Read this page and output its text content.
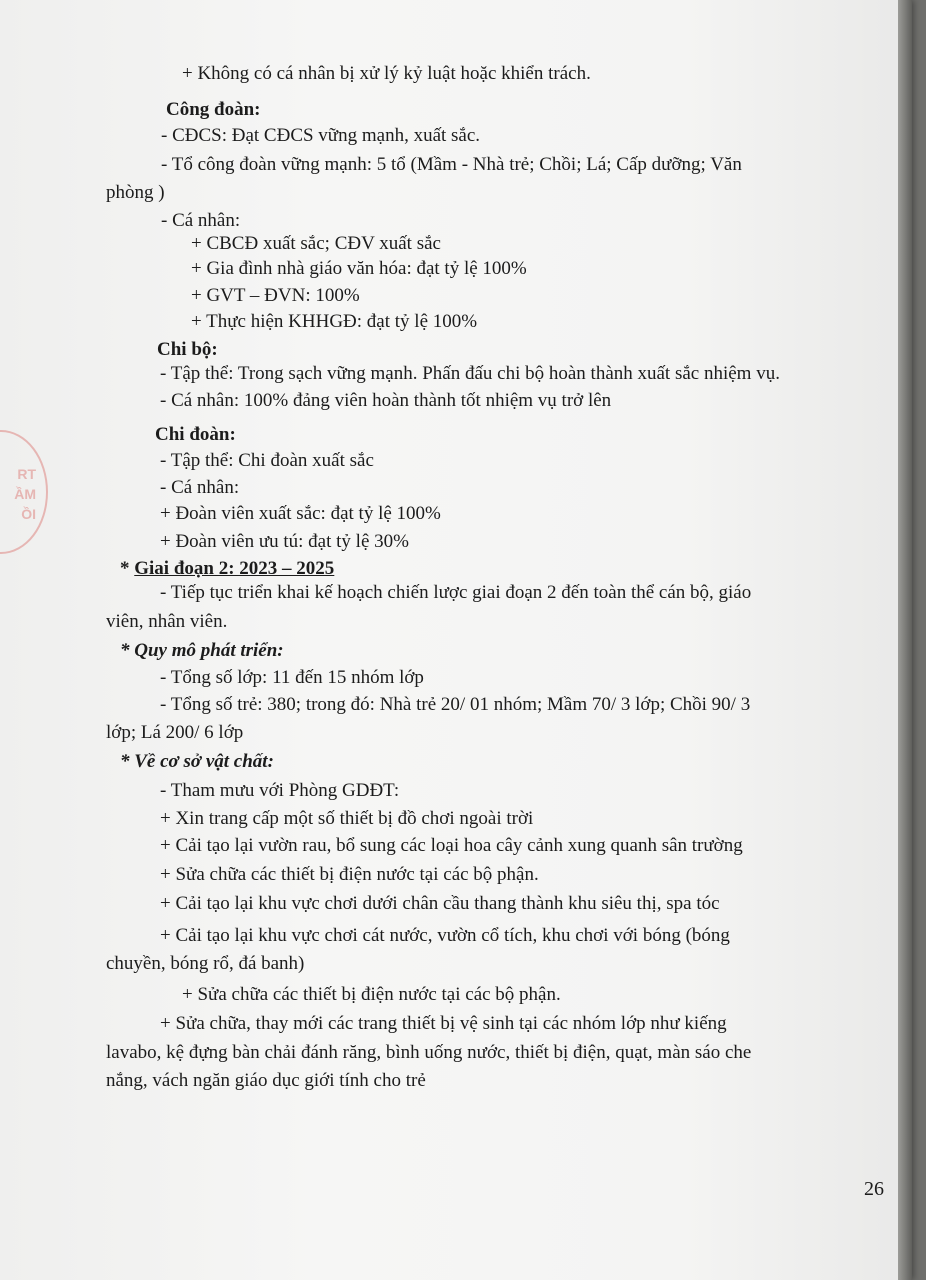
+ Không có cá nhân bị xử lý kỷ luật hoặc khiển trách.
Công đoàn:
- CĐCS: Đạt CĐCS vững mạnh, xuất sắc.
- Tổ công đoàn vững mạnh: 5 tổ (Mầm - Nhà trẻ; Chồi; Lá; Cấp dưỡng; Văn
phòng )
- Cá nhân:
+ CBCĐ xuất sắc; CĐV xuất sắc
+ Gia đình nhà giáo văn hóa: đạt tỷ lệ 100%
+ GVT – ĐVN: 100%
+ Thực hiện KHHGĐ: đạt tỷ lệ 100%
Chi bộ:
- Tập thể: Trong sạch vững mạnh. Phấn đấu chi bộ hoàn thành xuất sắc nhiệm vụ.
- Cá nhân: 100% đảng viên hoàn thành tốt nhiệm vụ trở lên
Chi đoàn:
- Tập thể: Chi đoàn xuất sắc
- Cá nhân:
+ Đoàn viên xuất sắc: đạt tỷ lệ 100%
+ Đoàn viên ưu tú: đạt tỷ lệ 30%
* Giai đoạn 2: 2023 – 2025
- Tiếp tục triển khai kế hoạch chiến lược giai đoạn 2 đến toàn thể cán bộ, giáo
viên, nhân viên.
* Quy mô phát triển:
- Tổng số lớp: 11 đến 15 nhóm lớp
- Tổng số trẻ: 380; trong đó: Nhà trẻ 20/ 01 nhóm; Mầm 70/ 3 lớp; Chồi 90/ 3
lớp; Lá 200/ 6 lớp
* Về cơ sở vật chất:
- Tham mưu với Phòng GDĐT:
+ Xin trang cấp một số thiết bị đồ chơi ngoài trời
+ Cải tạo lại vườn rau, bổ sung các loại hoa cây cảnh xung quanh sân trường
+ Sửa chữa các thiết bị điện nước tại các bộ phận.
+ Cải tạo lại khu vực chơi dưới chân cầu thang thành khu siêu thị, spa tóc
+ Cải tạo lại khu vực chơi cát nước, vườn cổ tích, khu chơi với bóng (bóng
chuyền, bóng rổ, đá banh)
+ Sửa chữa các thiết bị điện nước tại các bộ phận.
+ Sửa chữa, thay mới các trang thiết bị vệ sinh tại các nhóm lớp như kiếng
lavabo, kệ đựng bàn chải đánh răng, bình uống nước, thiết bị điện, quạt, màn sáo che
nắng, vách ngăn giáo dục giới tính cho trẻ
26
RT
ẦM
ỒI
